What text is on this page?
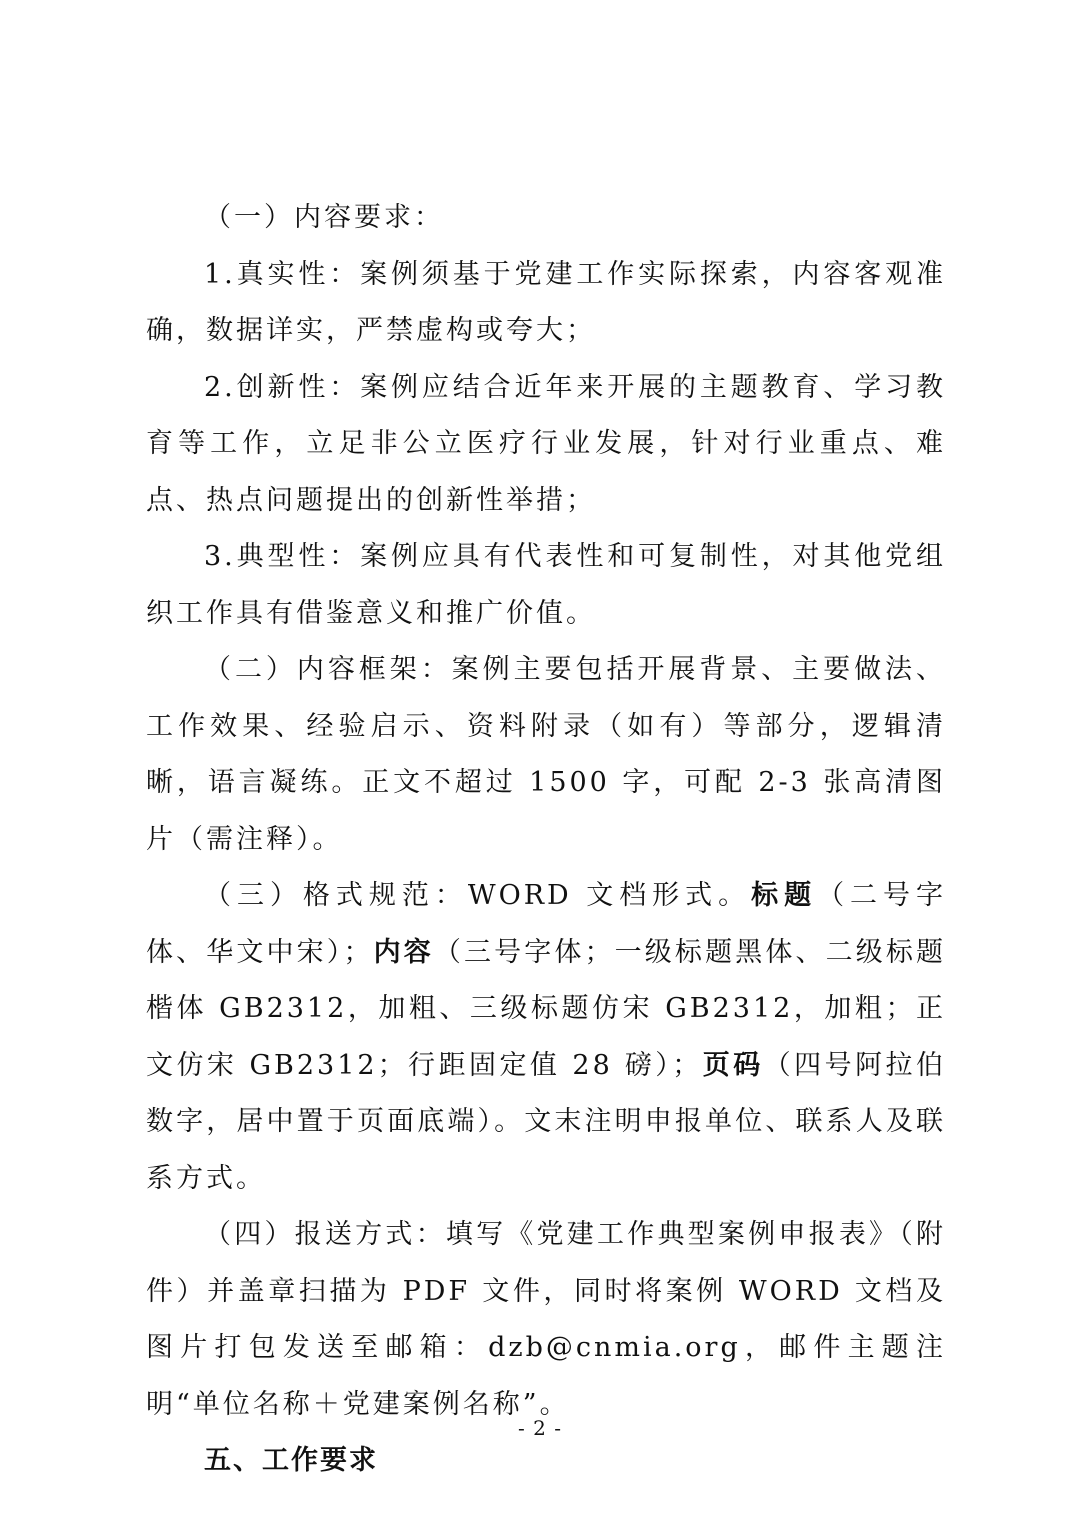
（一）内容要求：

1.真实性：案例须基于党建工作实际探索，内容客观准确，数据详实，严禁虚构或夸大；

2.创新性：案例应结合近年来开展的主题教育、学习教育等工作，立足非公立医疗行业发展，针对行业重点、难点、热点问题提出的创新性举措；

3.典型性：案例应具有代表性和可复制性，对其他党组织工作具有借鉴意义和推广价值。

（二）内容框架：案例主要包括开展背景、主要做法、工作效果、经验启示、资料附录（如有）等部分，逻辑清晰，语言凝练。正文不超过 1500 字，可配 2-3 张高清图片（需注释）。

（三）格式规范：WORD 文档形式。标题（二号字体、华文中宋）；内容（三号字体；一级标题黑体、二级标题楷体 GB2312，加粗、三级标题仿宋 GB2312，加粗；正文仿宋 GB2312；行距固定值 28 磅）；页码（四号阿拉伯数字，居中置于页面底端）。文末注明申报单位、联系人及联系方式。

（四）报送方式：填写《党建工作典型案例申报表》（附件）并盖章扫描为 PDF 文件，同时将案例 WORD 文档及图片打包发送至邮箱：dzb@cnmia.org，邮件主题注明“单位名称＋党建案例名称”。

五、工作要求

- 2 -
